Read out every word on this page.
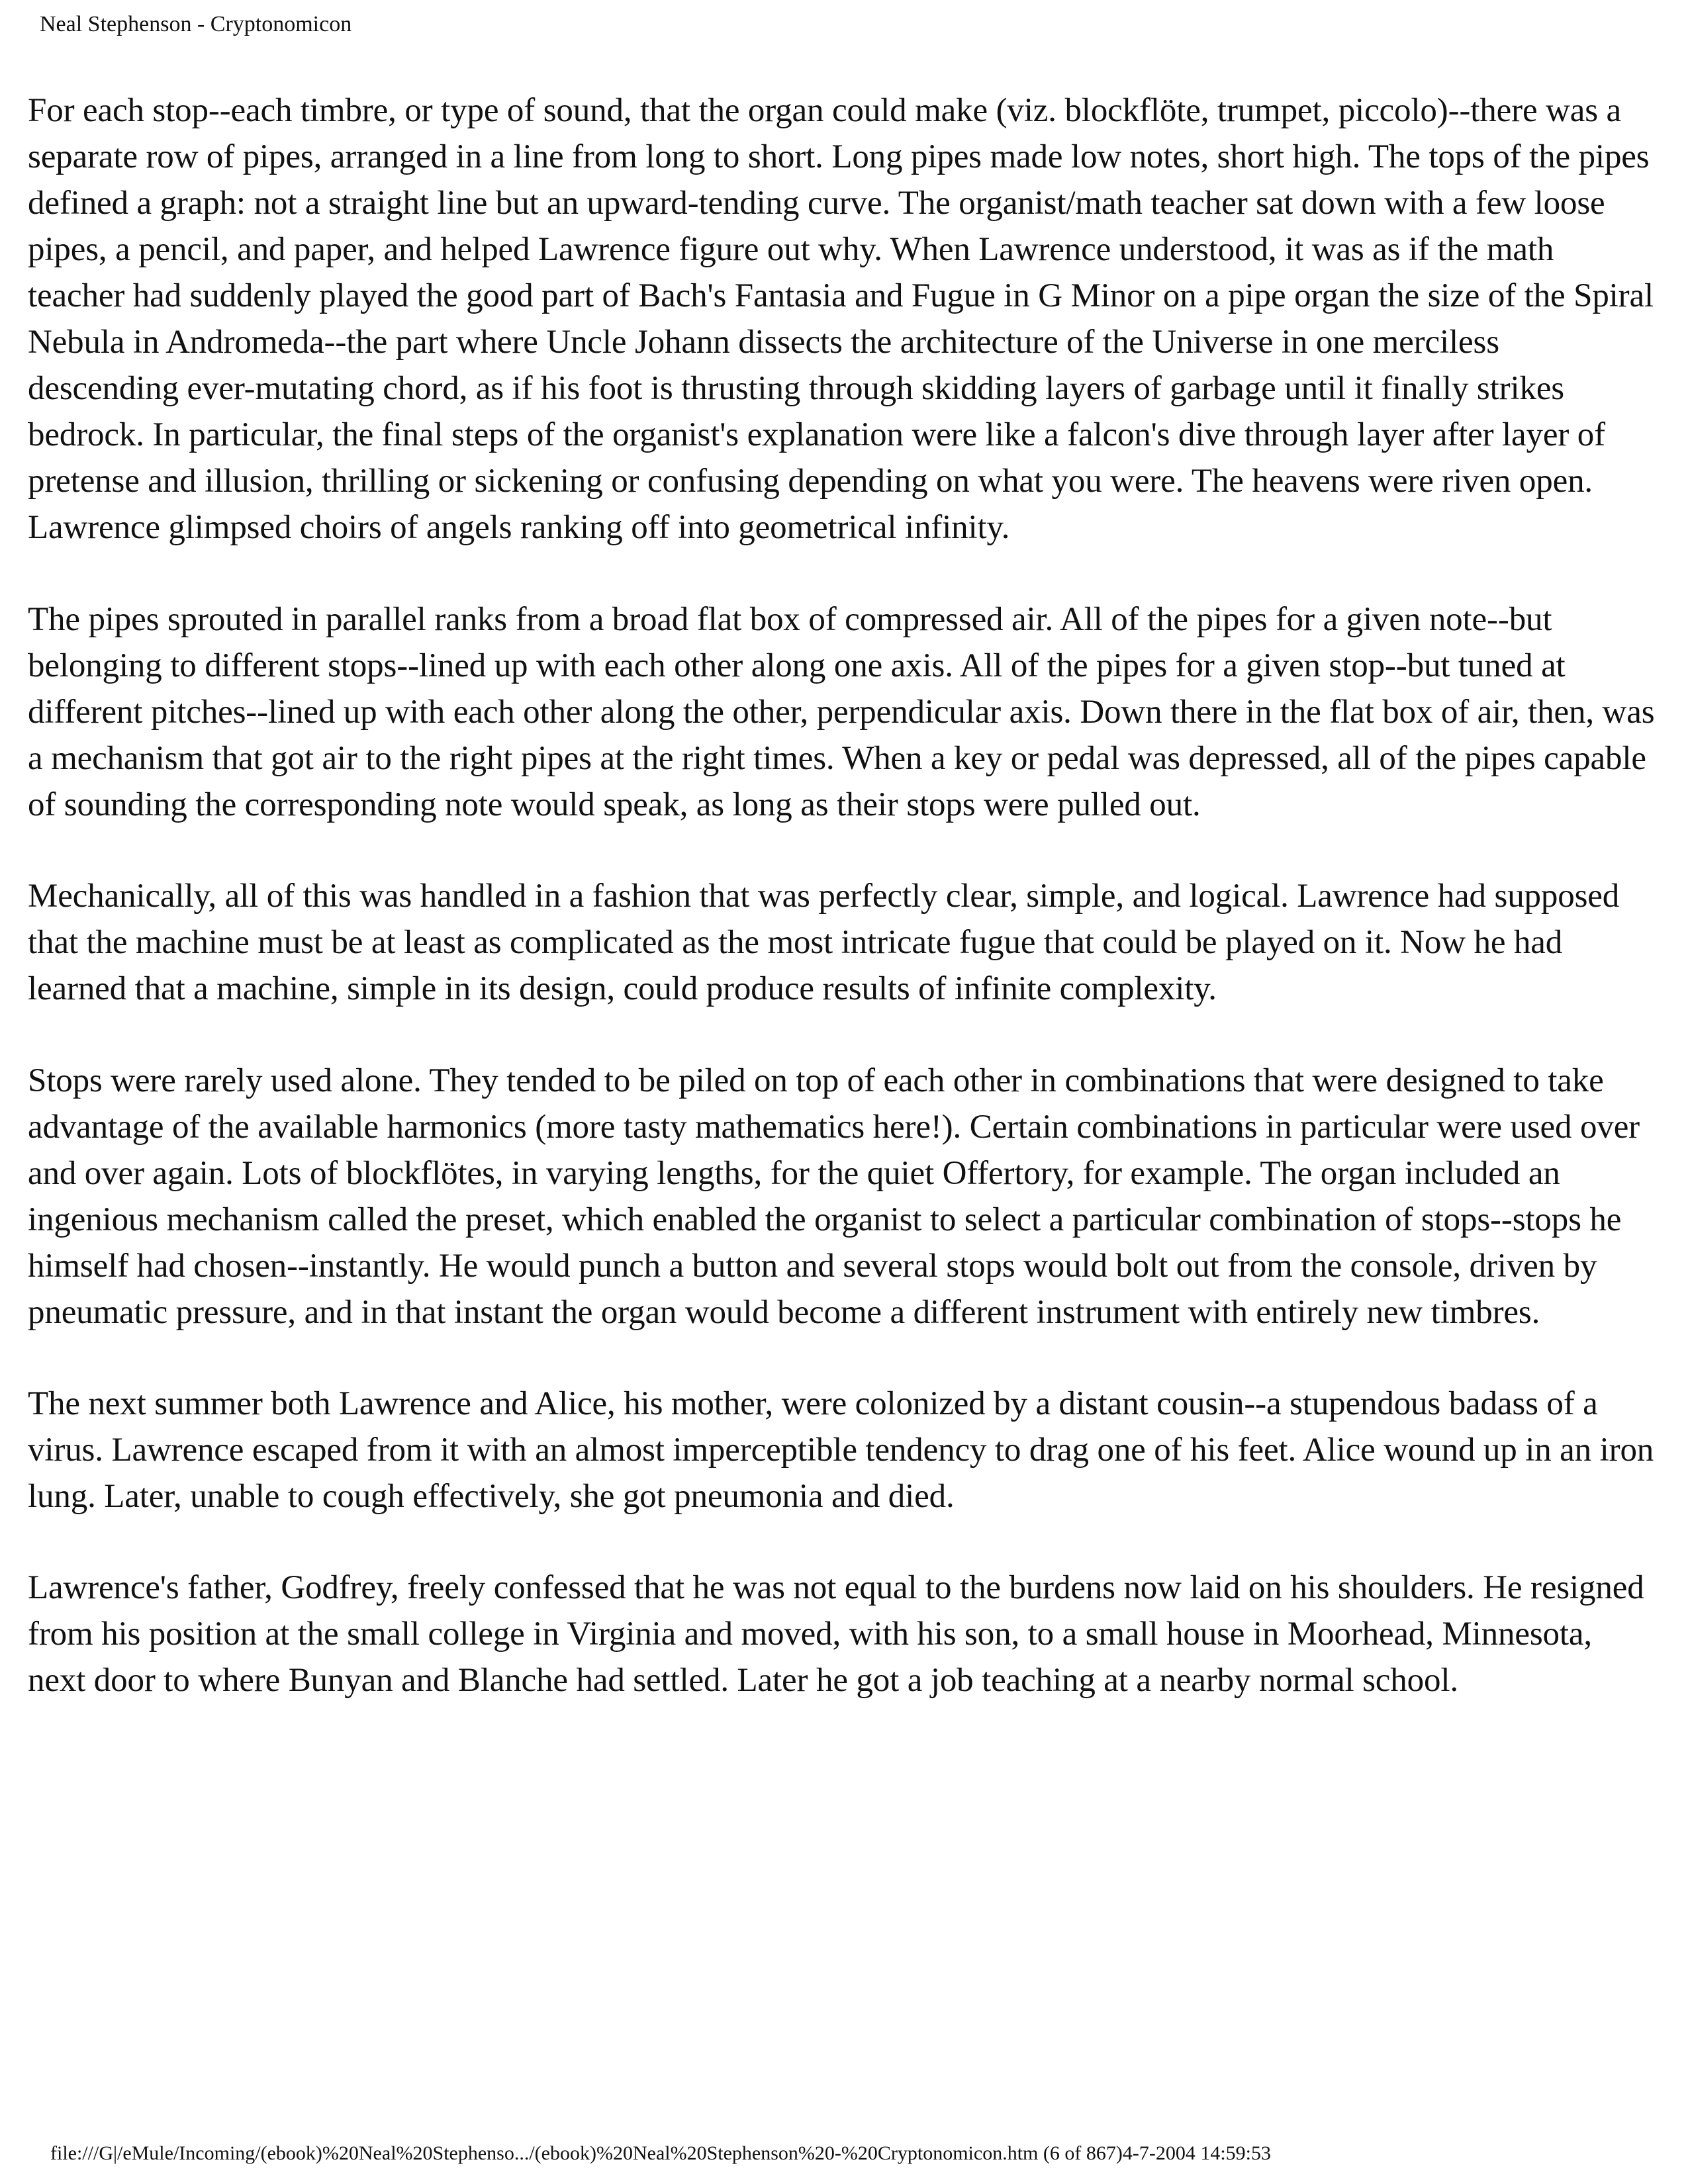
Neal Stephenson - Cryptonomicon

For each stop--each timbre, or type of sound, that the organ could make (viz. blockflöte, trumpet, piccolo)--there was a separate row of pipes, arranged in a line from long to short. Long pipes made low notes, short high. The tops of the pipes defined a graph: not a straight line but an upward-tending curve. The organist/math teacher sat down with a few loose pipes, a pencil, and paper, and helped Lawrence figure out why. When Lawrence understood, it was as if the math teacher had suddenly played the good part of Bach's Fantasia and Fugue in G Minor on a pipe organ the size of the Spiral Nebula in Andromeda--the part where Uncle Johann dissects the architecture of the Universe in one merciless descending ever-mutating chord, as if his foot is thrusting through skidding layers of garbage until it finally strikes bedrock. In particular, the final steps of the organist's explanation were like a falcon's dive through layer after layer of pretense and illusion, thrilling or sickening or confusing depending on what you were. The heavens were riven open. Lawrence glimpsed choirs of angels ranking off into geometrical infinity.

The pipes sprouted in parallel ranks from a broad flat box of compressed air. All of the pipes for a given note--but belonging to different stops--lined up with each other along one axis. All of the pipes for a given stop--but tuned at different pitches--lined up with each other along the other, perpendicular axis. Down there in the flat box of air, then, was a mechanism that got air to the right pipes at the right times. When a key or pedal was depressed, all of the pipes capable of sounding the corresponding note would speak, as long as their stops were pulled out.

Mechanically, all of this was handled in a fashion that was perfectly clear, simple, and logical. Lawrence had supposed that the machine must be at least as complicated as the most intricate fugue that could be played on it. Now he had learned that a machine, simple in its design, could produce results of infinite complexity.

Stops were rarely used alone. They tended to be piled on top of each other in combinations that were designed to take advantage of the available harmonics (more tasty mathematics here!). Certain combinations in particular were used over and over again. Lots of blockflötes, in varying lengths, for the quiet Offertory, for example. The organ included an ingenious mechanism called the preset, which enabled the organist to select a particular combination of stops--stops he himself had chosen--instantly. He would punch a button and several stops would bolt out from the console, driven by pneumatic pressure, and in that instant the organ would become a different instrument with entirely new timbres.

The next summer both Lawrence and Alice, his mother, were colonized by a distant cousin--a stupendous badass of a virus. Lawrence escaped from it with an almost imperceptible tendency to drag one of his feet. Alice wound up in an iron lung. Later, unable to cough effectively, she got pneumonia and died.

Lawrence's father, Godfrey, freely confessed that he was not equal to the burdens now laid on his shoulders. He resigned from his position at the small college in Virginia and moved, with his son, to a small house in Moorhead, Minnesota, next door to where Bunyan and Blanche had settled. Later he got a job teaching at a nearby normal school.

file:///G|/eMule/Incoming/(ebook)%20Neal%20Stephenso.../(ebook)%20Neal%20Stephenson%20-%20Cryptonomicon.htm (6 of 867)4-7-2004 14:59:53
